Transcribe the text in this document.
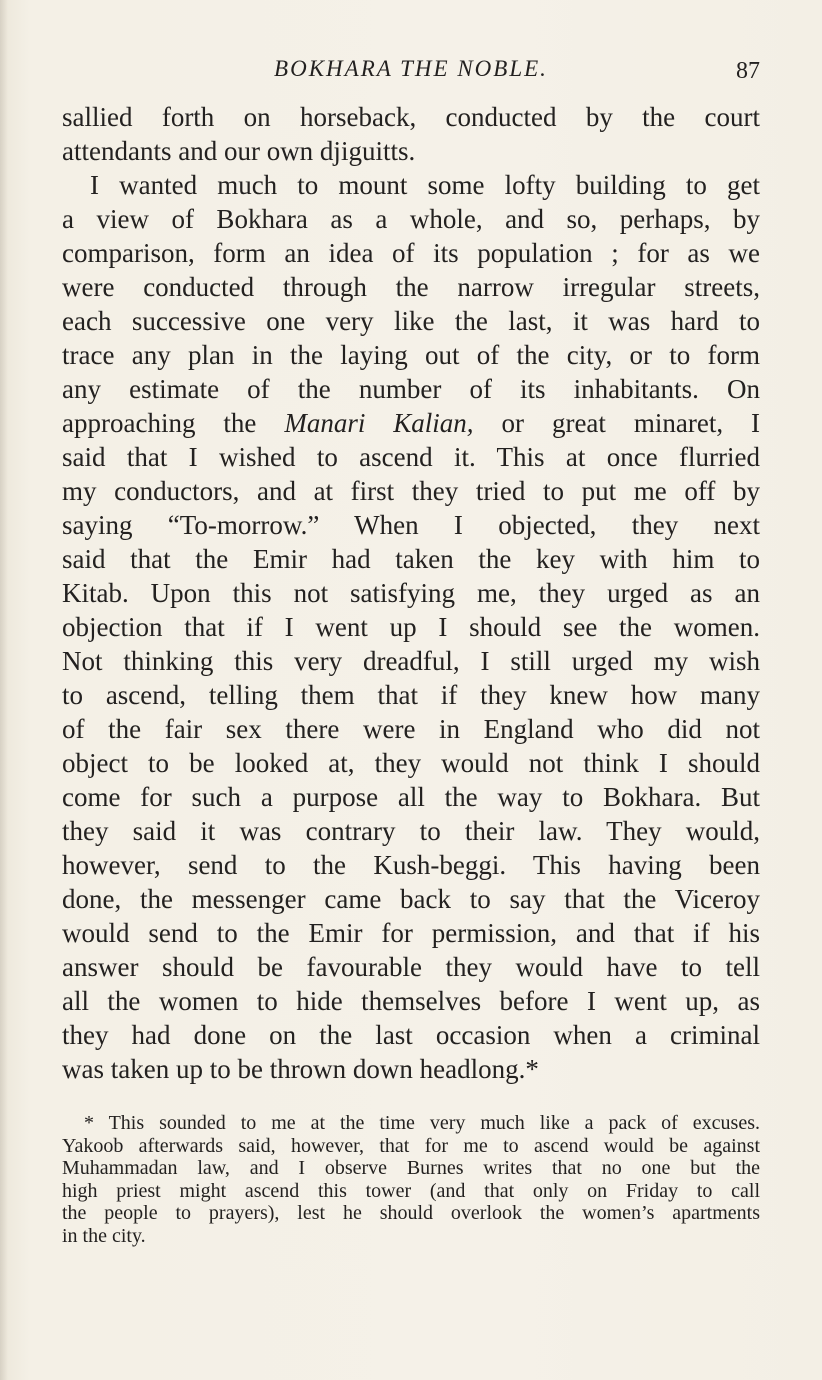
BOKHARA THE NOBLE.	87
sallied forth on horseback, conducted by the court
attendants and our own djiguitts.
I wanted much to mount some lofty building to get
a view of Bokhara as a whole, and so, perhaps, by
comparison, form an idea of its population ; for as we
were conducted through the narrow irregular streets,
each successive one very like the last, it was hard to
trace any plan in the laying out of the city, or to form
any estimate of the number of its inhabitants. On
approaching the Manari Kalian, or great minaret, I
said that I wished to ascend it. This at once flurried
my conductors, and at first they tried to put me off by
saying “To-morrow.” When I objected, they next
said that the Emir had taken the key with him to
Kitab. Upon this not satisfying me, they urged as an
objection that if I went up I should see the women.
Not thinking this very dreadful, I still urged my wish
to ascend, telling them that if they knew how many
of the fair sex there were in England who did not
object to be looked at, they would not think I should
come for such a purpose all the way to Bokhara. But
they said it was contrary to their law. They would,
however, send to the Kush-beggi. This having been
done, the messenger came back to say that the Viceroy
would send to the Emir for permission, and that if his
answer should be favourable they would have to tell
all the women to hide themselves before I went up, as
they had done on the last occasion when a criminal
was taken up to be thrown down headlong.*
* This sounded to me at the time very much like a pack of excuses.
Yakoob afterwards said, however, that for me to ascend would be against
Muhammadan law, and I observe Burnes writes that no one but the
high priest might ascend this tower (and that only on Friday to call
the people to prayers), lest he should overlook the women’s apartments
in the city.
